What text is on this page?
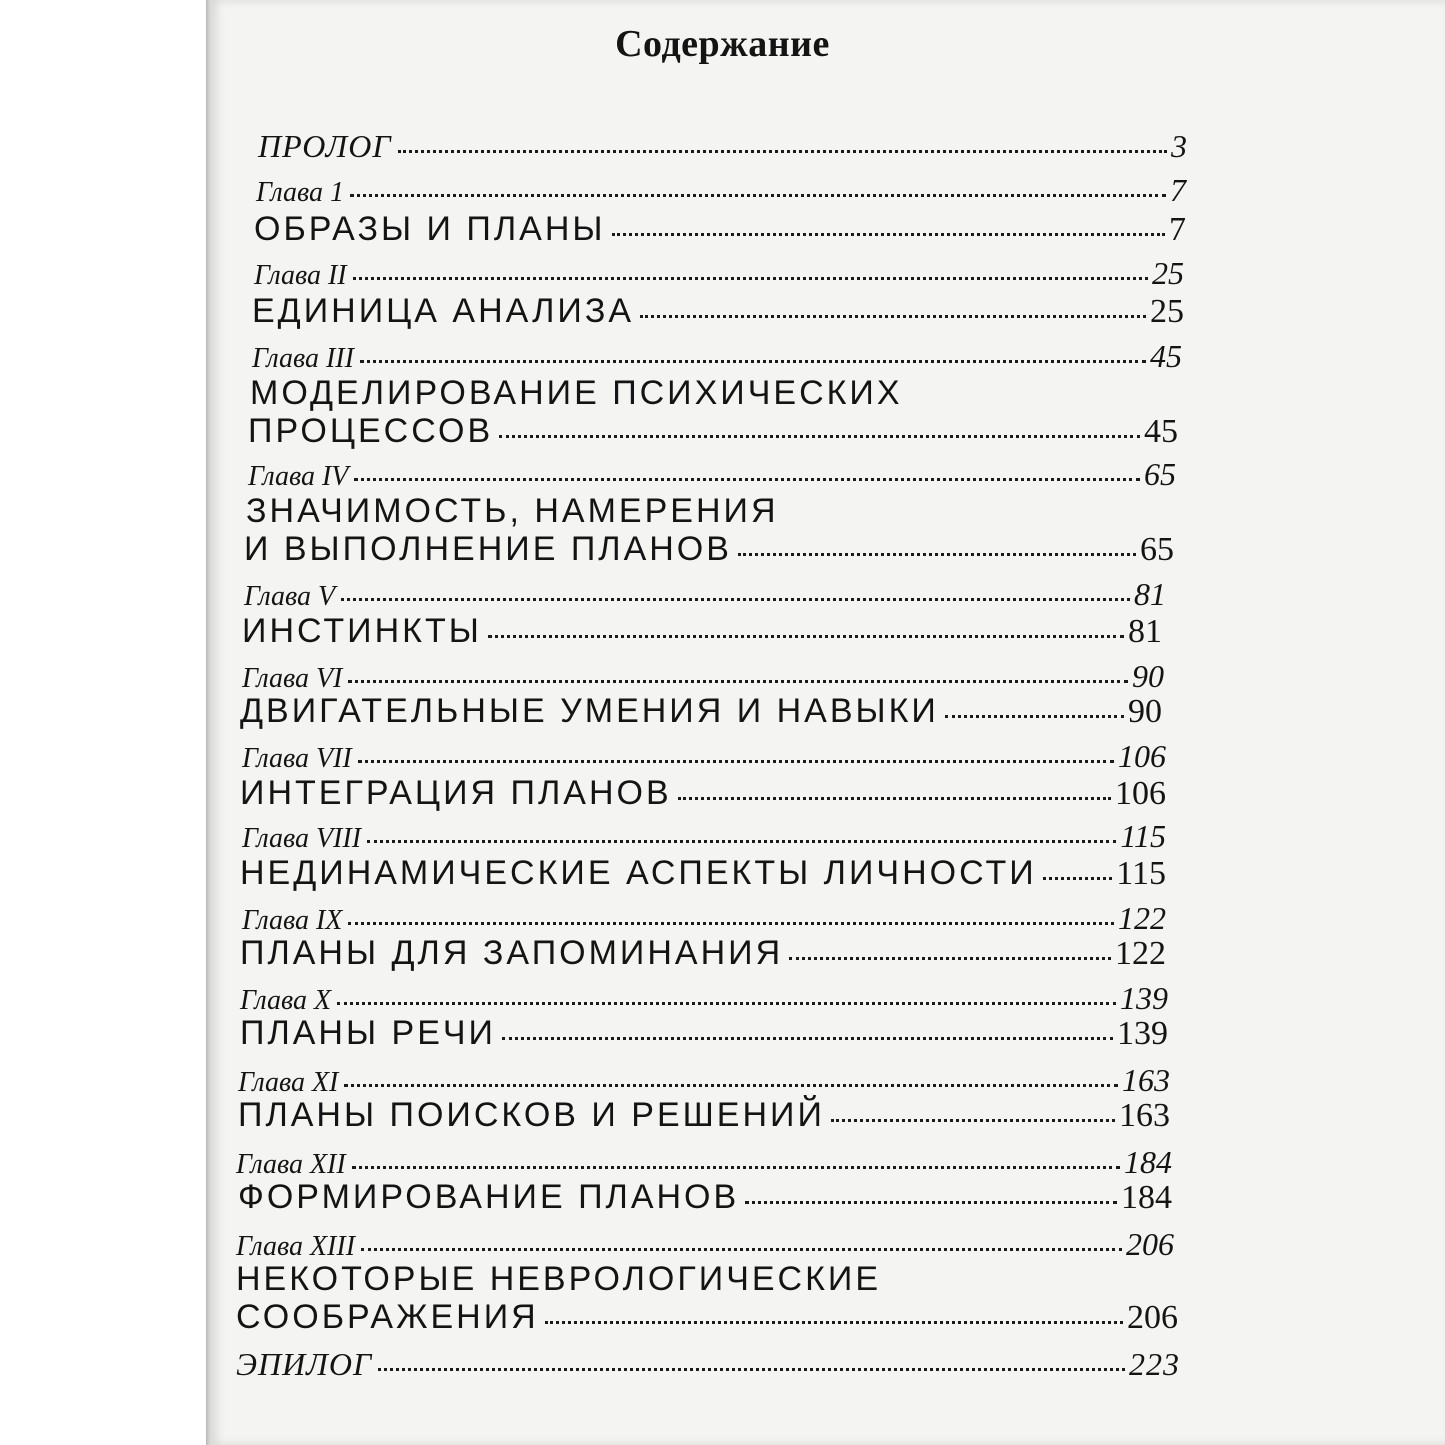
Содержание
ПРОЛОГ	3
Глава 1	7
ОБРАЗЫ И ПЛАНЫ	7
Глава II	25
ЕДИНИЦА АНАЛИЗА	25
Глава III	45
МОДЕЛИРОВАНИЕ ПСИХИЧЕСКИХ
ПРОЦЕССОВ	45
Глава IV	65
ЗНАЧИМОСТЬ, НАМЕРЕНИЯ
И ВЫПОЛНЕНИЕ ПЛАНОВ	65
Глава V	81
ИНСТИНКТЫ	81
Глава VI	90
ДВИГАТЕЛЬНЫЕ УМЕНИЯ И НАВЫКИ	90
Глава VII	106
ИНТЕГРАЦИЯ ПЛАНОВ	106
Глава VIII	115
НЕДИНАМИЧЕСКИЕ АСПЕКТЫ ЛИЧНОСТИ 115
Глава IX	122
ПЛАНЫ ДЛЯ ЗАПОМИНАНИЯ	122
Глава X	139
ПЛАНЫ РЕЧИ	139
Глава XI	163
ПЛАНЫ ПОИСКОВ И РЕШЕНИЙ	163
Глава XII	184
ФОРМИРОВАНИЕ ПЛАНОВ	184
Глава XIII	206
НЕКОТОРЫЕ НЕВРОЛОГИЧЕСКИЕ
СООБРАЖЕНИЯ	206
ЭПИЛОГ	223
